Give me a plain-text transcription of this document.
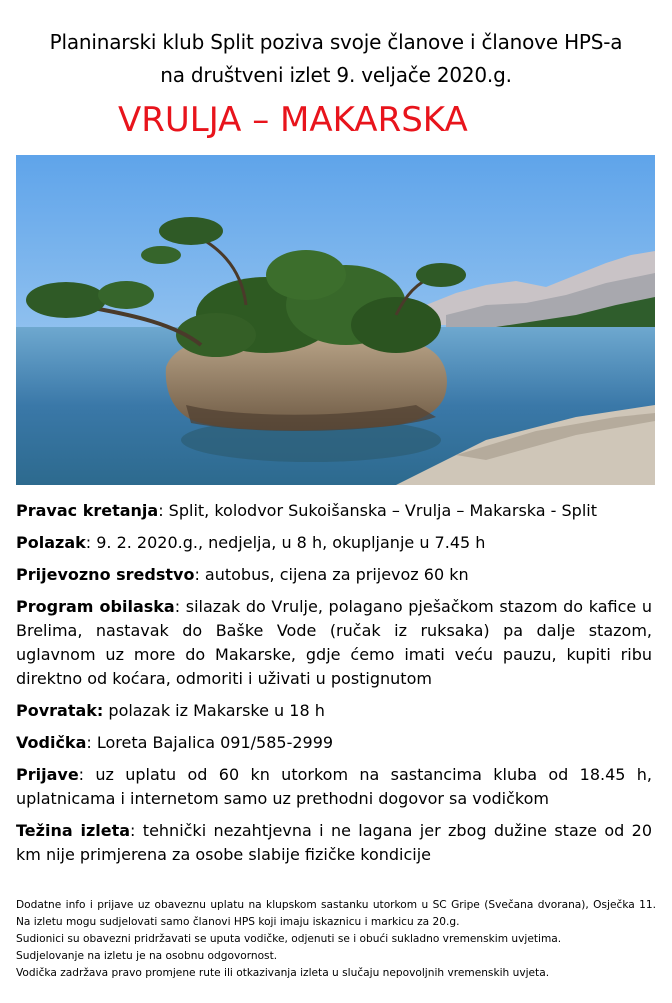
Planinarski klub Split poziva svoje članove i članove HPS-a
na društveni izlet 9. veljače 2020.g.
VRULJA – MAKARSKA

Pravac kretanja: Split, kolodvor Sukoišanska – Vrulja – Makarska - Split

Polazak: 9. 2. 2020.g., nedjelja, u 8 h, okupljanje u 7.45 h

Prijevozno sredstvo: autobus, cijena za prijevoz 60 kn

Program obilaska: silazak do Vrulje, polagano pješačkom stazom do kafice u Brelima, nastavak do Baške Vode (ručak iz ruksaka) pa dalje stazom, uglavnom uz more do Makarske, gdje ćemo imati veću pauzu, kupiti ribu direktno od koćara, odmoriti i uživati u postignutom

Povratak: polazak iz Makarske u 18 h

Vodička: Loreta Bajalica 091/585-2999

Prijave: uz uplatu od 60 kn utorkom na sastancima kluba od 18.45 h, uplatnicama i internetom samo uz prethodni dogovor sa vodičkom

Težina izleta: tehnički nezahtjevna i ne lagana jer zbog dužine staze od 20 km nije primjerena za osobe slabije fizičke kondicije

Dodatne info i prijave uz obaveznu uplatu na klupskom sastanku utorkom u SC Gripe (Svečana dvorana), Osječka 11. Na izletu mogu sudjelovati samo članovi HPS koji imaju iskaznicu i markicu za 20.g.
Sudionici su obavezni pridržavati se uputa vodičke, odjenuti se i obući sukladno vremenskim uvjetima.
Sudjelovanje na izletu je na osobnu odgovornost.
Vodička zadržava pravo promjene rute ili otkazivanja izleta u slučaju nepovoljnih vremenskih uvjeta.
